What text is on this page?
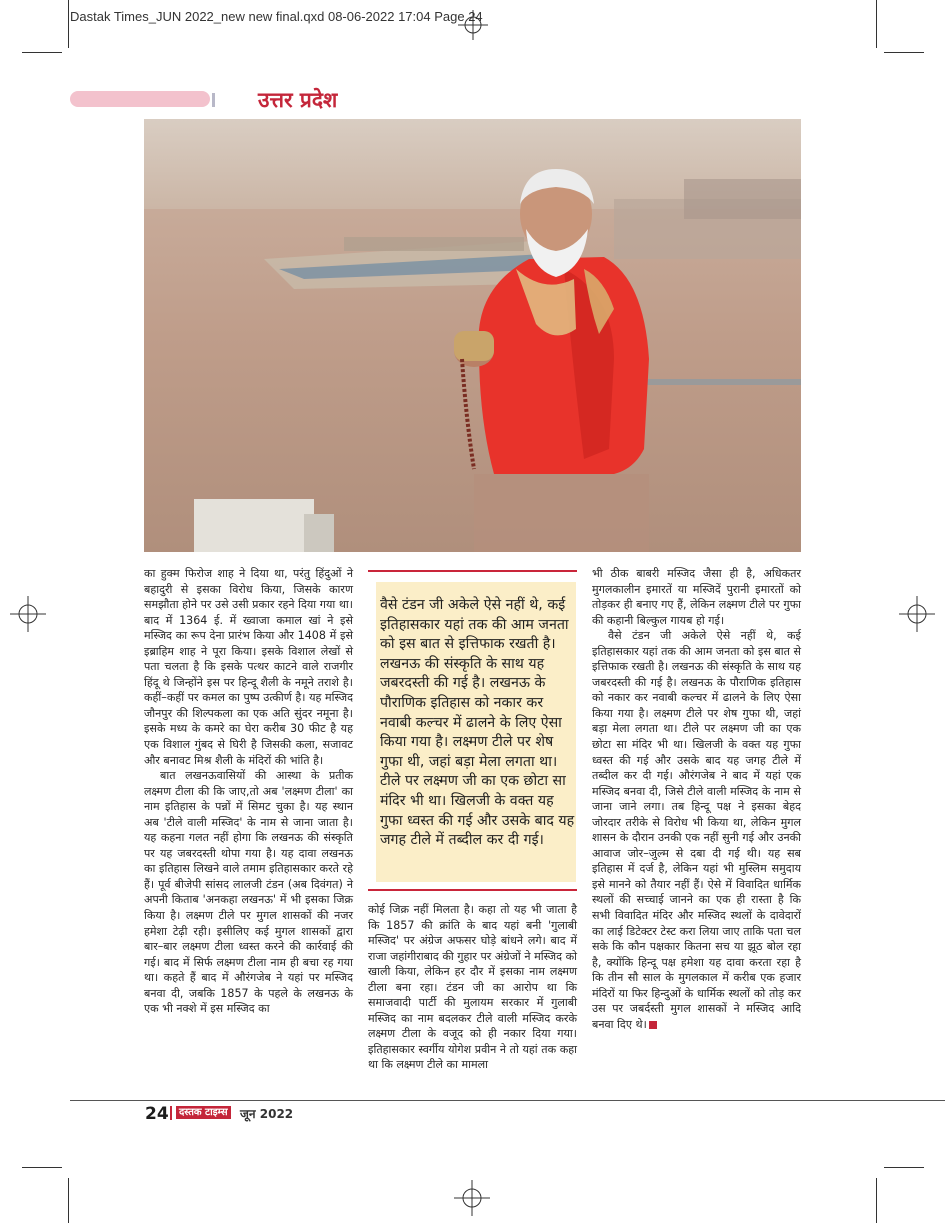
Dastak Times_JUN 2022_new new final.qxd 08-06-2022 17:04 Page 24
उत्तर प्रदेश

का हुक्म फिरोज शाह ने दिया था, परंतु हिंदुओं ने बहादुरी से इसका विरोध किया, जिसके कारण समझौता होने पर उसे उसी प्रकार रहने दिया गया था। बाद में 1364 ई. में ख्वाजा कमाल खां ने इसे मस्जिद का रूप देना प्रारंभ किया और 1408 में इसे इब्राहिम शाह ने पूरा किया। इसके विशाल लेखों से पता चलता है कि इसके पत्थर काटने वाले राजगीर हिंदू थे जिन्होंने इस पर हिन्दू शैली के नमूने तराशे है। कहीं–कहीं पर कमल का पुष्प उत्कीर्ण है। यह मस्जिद जौनपुर की शिल्पकला का एक अति सुंदर नमूना है। इसके मध्य के कमरे का घेरा करीब 30 फीट है यह एक विशाल गुंबद से घिरी है जिसकी कला, सजावट और बनावट मिश्र शैली के मंदिरों की भांति है।

बात लखनऊवासियों की आस्था के प्रतीक लक्ष्मण टीला की कि जाए,तो अब 'लक्ष्मण टीला' का नाम इतिहास के पन्नों में सिमट चुका है। यह स्थान अब 'टीले वाली मस्जिद' के नाम से जाना जाता है। यह कहना गलत नहीं होगा कि लखनऊ की संस्कृति पर यह जबरदस्ती थोपा गया है। यह दावा लखनऊ का इतिहास लिखने वाले तमाम इतिहासकार करते रहे हैं। पूर्व बीजेपी सांसद लालजी टंडन (अब दिवंगत) ने अपनी किताब 'अनकहा लखनऊ' में भी इसका जिक्र किया है। लक्ष्मण टीले पर मुगल शासकों की नजर हमेशा टेढ़ी रही। इसीलिए कई मुगल शासकों द्वारा बार–बार लक्ष्मण टीला ध्वस्त करने की कार्रवाई की गई। बाद में सिर्फ लक्ष्मण टीला नाम ही बचा रह गया था। कहते हैं बाद में औरंगजेब ने यहां पर मस्जिद बनवा दी, जबकि 1857 के पहले के लखनऊ के एक भी नक्शे में इस मस्जिद का

वैसे टंडन जी अकेले ऐसे नहीं थे, कई इतिहासकार यहां तक की आम जनता को इस बात से इत्तिफाक रखती है। लखनऊ की संस्कृति के साथ यह जबरदस्ती की गई है। लखनऊ के पौराणिक इतिहास को नकार कर नवाबी कल्चर में ढालने के लिए ऐसा किया गया है। लक्ष्मण टीले पर शेष गुफा थी, जहां बड़ा मेला लगता था। टीले पर लक्ष्मण जी का एक छोटा सा मंदिर भी था। खिलजी के वक्त यह गुफा ध्वस्त की गई और उसके बाद यह जगह टीले में तब्दील कर दी गई।

कोई जिक्र नहीं मिलता है। कहा तो यह भी जाता है कि 1857 की क्रांति के बाद यहां बनी 'गुलाबी मस्जिद' पर अंग्रेज अफसर घोड़े बांधने लगे। बाद में राजा जहांगीराबाद की गुहार पर अंग्रेजों ने मस्जिद को खाली किया, लेकिन हर दौर में इसका नाम लक्ष्मण टीला बना रहा। टंडन जी का आरोप था कि समाजवादी पार्टी की मुलायम सरकार में गुलाबी मस्जिद का नाम बदलकर टीले वाली मस्जिद करके लक्ष्मण टीला के वजूद को ही नकार दिया गया। इतिहासकार स्वर्गीय योगेश प्रवीन ने तो यहां तक कहा था कि लक्ष्मण टीले का मामला

भी ठीक बाबरी मस्जिद जैसा ही है, अधिकतर मुगलकालीन इमारतें या मस्जिदें पुरानी इमारतों को तोड़कर ही बनाए गए हैं, लेकिन लक्ष्मण टीले पर गुफा की कहानी बिल्कुल गायब हो गई।

वैसे टंडन जी अकेले ऐसे नहीं थे, कई इतिहासकार यहां तक की आम जनता को इस बात से इत्तिफाक रखती है। लखनऊ की संस्कृति के साथ यह जबरदस्ती की गई है। लखनऊ के पौराणिक इतिहास को नकार कर नवाबी कल्चर में ढालने के लिए ऐसा किया गया है। लक्ष्मण टीले पर शेष गुफा थी, जहां बड़ा मेला लगता था। टीले पर लक्ष्मण जी का एक छोटा सा मंदिर भी था। खिलजी के वक्त यह गुफा ध्वस्त की गई और उसके बाद यह जगह टीले में तब्दील कर दी गई। औरंगजेब ने बाद में यहां एक मस्जिद बनवा दी, जिसे टीले वाली मस्जिद के नाम से जाना जाने लगा। तब हिन्दू पक्ष ने इसका बेहद जोरदार तरीके से विरोध भी किया था, लेकिन मुगल शासन के दौरान उनकी एक नहीं सुनी गई और उनकी आवाज जोर–जुल्म से दबा दी गई थी। यह सब इतिहास में दर्ज है, लेकिन यहां भी मुस्लिम समुदाय इसे मानने को तैयार नहीं हैं। ऐसे में विवादित धार्मिक स्थलों की सच्चाई जानने का एक ही रास्ता है कि सभी विवादित मंदिर और मस्जिद स्थलों के दावेदारों का लाई डिटेक्टर टेस्ट करा लिया जाए ताकि पता चल सके कि कौन पक्षकार कितना सच या झूठ बोल रहा है, क्योंकि हिन्दू पक्ष हमेशा यह दावा करता रहा है कि तीन सौ साल के मुगलकाल में करीब एक हजार मंदिरों या फिर हिन्दुओं के धार्मिक स्थलों को तोड़ कर उस पर जबर्दस्ती मुगल शासकों ने मस्जिद आदि बनवा दिए थे।

24	दस्तक टाइम्स जून 2022
